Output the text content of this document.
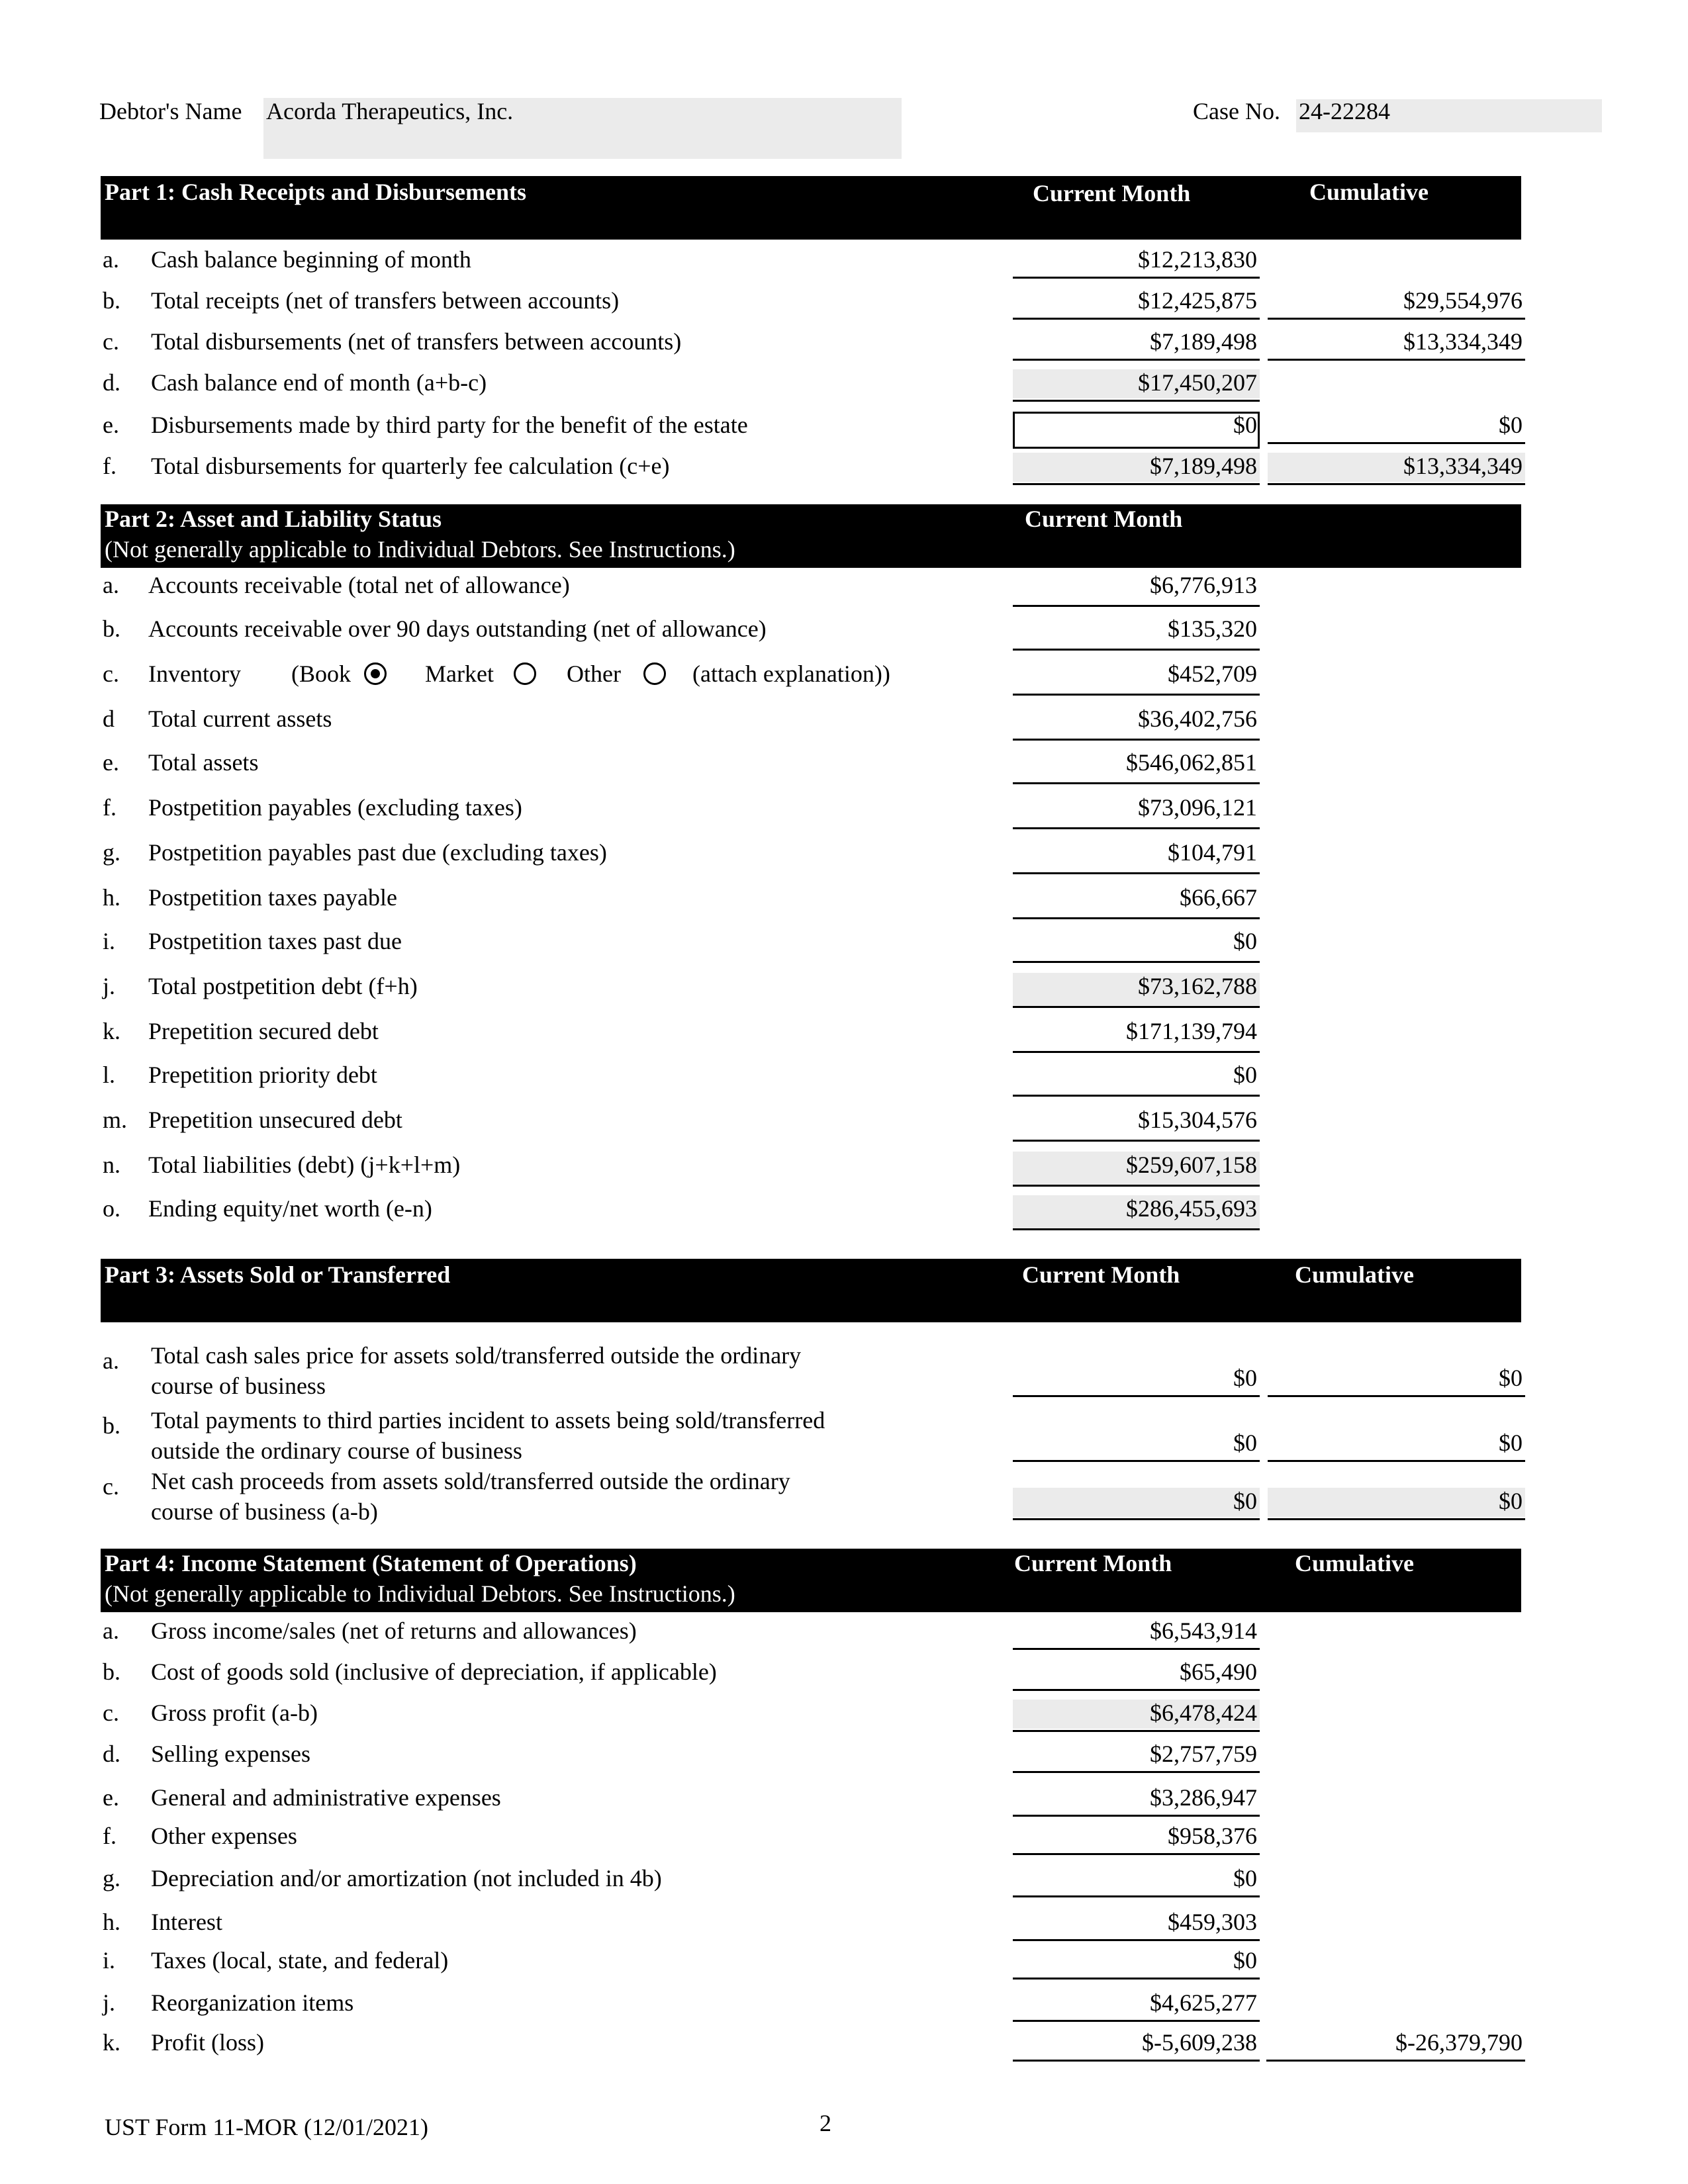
Debtor's Name Acorda Therapeutics, Inc.	Case No. 24-22284
Part 1: Cash Receipts and Disbursements	Current Month	Cumulative
a. Cash balance beginning of month	$12,213,830
b. Total receipts (net of transfers between accounts)	$12,425,875	$29,554,976
c. Total disbursements (net of transfers between accounts)	$7,189,498	$13,334,349
d. Cash balance end of month (a+b-c)	$17,450,207
e. Disbursements made by third party for the benefit of the estate	$0	$0
f. Total disbursements for quarterly fee calculation (c+e)	$7,189,498	$13,334,349
Part 2: Asset and Liability Status
(Not generally applicable to Individual Debtors. See Instructions.)
Current Month
a. Accounts receivable (total net of allowance)	$6,776,913
b. Accounts receivable over 90 days outstanding (net of allowance)	$135,320
c. Inventory	$452,709
d Total current assets	$36,402,756
e. Total assets	$546,062,851
f. Postpetition payables (excluding taxes)	$73,096,121
g. Postpetition payables past due (excluding taxes)	$104,791
h. Postpetition taxes payable	$66,667
i. Postpetition taxes past due	$0
j. Total postpetition debt (f+h)	$73,162,788
k. Prepetition secured debt	$171,139,794
l. Prepetition priority debt	$0
m. Prepetition unsecured debt	$15,304,576
n. Total liabilities (debt) (j+k+l+m)	$259,607,158
o. Ending equity/net worth (e-n)	$286,455,693
(Book	Market	Other	(attach explanation))
Part 3: Assets Sold or Transferred	Current Month	Cumulative
a. Total cash sales price for assets sold/transferred outside the ordinary
course of business	$0	$0
b. Total payments to third parties incident to assets being sold/transferred
outside the ordinary course of business	$0	$0
c. Net cash proceeds from assets sold/transferred outside the ordinary
course of business (a-b)	$0	$0
Part 4: Income Statement (Statement of Operations)
(Not generally applicable to Individual Debtors. See Instructions.)
Current Month	Cumulative
a. Gross income/sales (net of returns and allowances)	$6,543,914
b. Cost of goods sold (inclusive of depreciation, if applicable)	$65,490
c. Gross profit (a-b)	$6,478,424
d. Selling expenses	$2,757,759
e. General and administrative expenses	$3,286,947
f. Other expenses	$958,376
g. Depreciation and/or amortization (not included in 4b)	$0
h. Interest	$459,303
i. Taxes (local, state, and federal)	$0
j. Reorganization items	$4,625,277
k. Profit (loss)	$-5,609,238	$-26,379,790
UST Form 11-MOR (12/01/2021)	2
